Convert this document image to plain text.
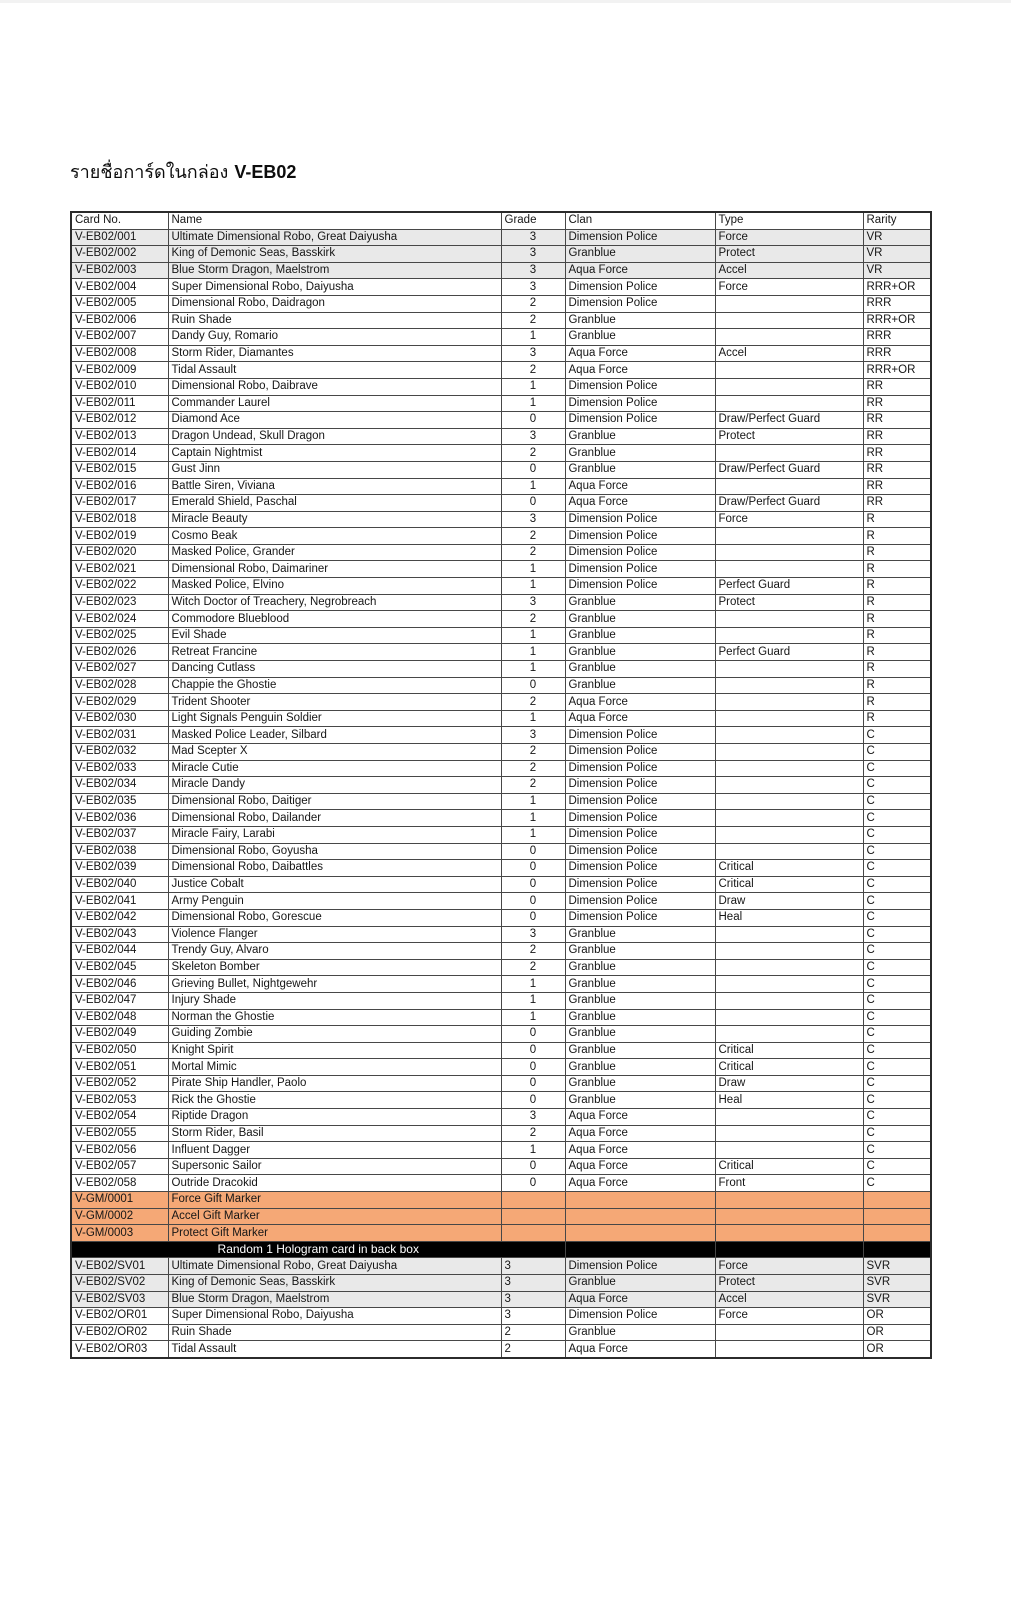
รายชื่อการ์ดในกล่อง V-EB02
Card No.	Name	Grade	Clan	Type	Rarity
V-EB02/001	Ultimate Dimensional Robo, Great Daiyusha	3	Dimension Police	Force	VR
V-EB02/002	King of Demonic Seas, Basskirk	3	Granblue	Protect	VR
V-EB02/003	Blue Storm Dragon, Maelstrom	3	Aqua Force	Accel	VR
V-EB02/004	Super Dimensional Robo, Daiyusha	3	Dimension Police	Force	RRR+OR
V-EB02/005	Dimensional Robo, Daidragon	2	Dimension Police		RRR
V-EB02/006	Ruin Shade	2	Granblue		RRR+OR
V-EB02/007	Dandy Guy, Romario	1	Granblue		RRR
V-EB02/008	Storm Rider, Diamantes	3	Aqua Force	Accel	RRR
V-EB02/009	Tidal Assault	2	Aqua Force		RRR+OR
V-EB02/010	Dimensional Robo, Daibrave	1	Dimension Police		RR
V-EB02/011	Commander Laurel	1	Dimension Police		RR
V-EB02/012	Diamond Ace	0	Dimension Police	Draw/Perfect Guard	RR
V-EB02/013	Dragon Undead, Skull Dragon	3	Granblue	Protect	RR
V-EB02/014	Captain Nightmist	2	Granblue		RR
V-EB02/015	Gust Jinn	0	Granblue	Draw/Perfect Guard	RR
V-EB02/016	Battle Siren, Viviana	1	Aqua Force		RR
V-EB02/017	Emerald Shield, Paschal	0	Aqua Force	Draw/Perfect Guard	RR
V-EB02/018	Miracle Beauty	3	Dimension Police	Force	R
V-EB02/019	Cosmo Beak	2	Dimension Police		R
V-EB02/020	Masked Police, Grander	2	Dimension Police		R
V-EB02/021	Dimensional Robo, Daimariner	1	Dimension Police		R
V-EB02/022	Masked Police, Elvino	1	Dimension Police	Perfect Guard	R
V-EB02/023	Witch Doctor of Treachery, Negrobreach	3	Granblue	Protect	R
V-EB02/024	Commodore Blueblood	2	Granblue		R
V-EB02/025	Evil Shade	1	Granblue		R
V-EB02/026	Retreat Francine	1	Granblue	Perfect Guard	R
V-EB02/027	Dancing Cutlass	1	Granblue		R
V-EB02/028	Chappie the Ghostie	0	Granblue		R
V-EB02/029	Trident Shooter	2	Aqua Force		R
V-EB02/030	Light Signals Penguin Soldier	1	Aqua Force		R
V-EB02/031	Masked Police Leader, Silbard	3	Dimension Police		C
V-EB02/032	Mad Scepter X	2	Dimension Police		C
V-EB02/033	Miracle Cutie	2	Dimension Police		C
V-EB02/034	Miracle Dandy	2	Dimension Police		C
V-EB02/035	Dimensional Robo, Daitiger	1	Dimension Police		C
V-EB02/036	Dimensional Robo, Dailander	1	Dimension Police		C
V-EB02/037	Miracle Fairy, Larabi	1	Dimension Police		C
V-EB02/038	Dimensional Robo, Goyusha	0	Dimension Police		C
V-EB02/039	Dimensional Robo, Daibattles	0	Dimension Police	Critical	C
V-EB02/040	Justice Cobalt	0	Dimension Police	Critical	C
V-EB02/041	Army Penguin	0	Dimension Police	Draw	C
V-EB02/042	Dimensional Robo, Gorescue	0	Dimension Police	Heal	C
V-EB02/043	Violence Flanger	3	Granblue		C
V-EB02/044	Trendy Guy, Alvaro	2	Granblue		C
V-EB02/045	Skeleton Bomber	2	Granblue		C
V-EB02/046	Grieving Bullet, Nightgewehr	1	Granblue		C
V-EB02/047	Injury Shade	1	Granblue		C
V-EB02/048	Norman the Ghostie	1	Granblue		C
V-EB02/049	Guiding Zombie	0	Granblue		C
V-EB02/050	Knight Spirit	0	Granblue	Critical	C
V-EB02/051	Mortal Mimic	0	Granblue	Critical	C
V-EB02/052	Pirate Ship Handler, Paolo	0	Granblue	Draw	C
V-EB02/053	Rick the Ghostie	0	Granblue	Heal	C
V-EB02/054	Riptide Dragon	3	Aqua Force		C
V-EB02/055	Storm Rider, Basil	2	Aqua Force		C
V-EB02/056	Influent Dagger	1	Aqua Force		C
V-EB02/057	Supersonic Sailor	0	Aqua Force	Critical	C
V-EB02/058	Outride Dracokid	0	Aqua Force	Front	C
V-GM/0001	Force Gift Marker				
V-GM/0002	Accel Gift Marker				
V-GM/0003	Protect Gift Marker				
Random 1 Hologram card in back box					
V-EB02/SV01	Ultimate Dimensional Robo, Great Daiyusha	3	Dimension Police	Force	SVR
V-EB02/SV02	King of Demonic Seas, Basskirk	3	Granblue	Protect	SVR
V-EB02/SV03	Blue Storm Dragon, Maelstrom	3	Aqua Force	Accel	SVR
V-EB02/OR01	Super Dimensional Robo, Daiyusha	3	Dimension Police	Force	OR
V-EB02/OR02	Ruin Shade	2	Granblue		OR
V-EB02/OR03	Tidal Assault	2	Aqua Force		OR
